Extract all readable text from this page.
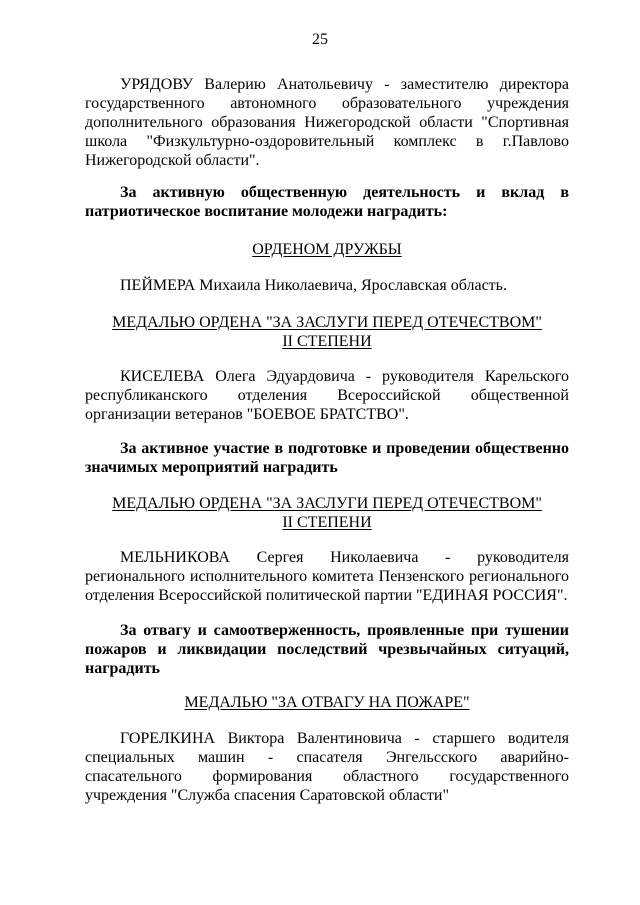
25
УРЯДОВУ Валерию Анатольевичу - заместителю директора государственного автономного образовательного учреждения дополнительного образования Нижегородской области "Спортивная школа "Физкультурно-оздоровительный комплекс в г.Павлово Нижегородской области".
За активную общественную деятельность и вклад в патриотическое воспитание молодежи наградить:
ОРДЕНОМ ДРУЖБЫ
ПЕЙМЕРА Михаила Николаевича, Ярославская область.
МЕДАЛЬЮ ОРДЕНА "ЗА ЗАСЛУГИ ПЕРЕД ОТЕЧЕСТВОМ"
II СТЕПЕНИ
КИСЕЛЕВА Олега Эдуардовича - руководителя Карельского республиканского отделения Всероссийской общественной организации ветеранов "БОЕВОЕ БРАТСТВО".
За активное участие в подготовке и проведении общественно значимых мероприятий наградить
МЕДАЛЬЮ ОРДЕНА "ЗА ЗАСЛУГИ ПЕРЕД ОТЕЧЕСТВОМ"
II СТЕПЕНИ
МЕЛЬНИКОВА Сергея Николаевича - руководителя регионального исполнительного комитета Пензенского регионального отделения Всероссийской политической партии "ЕДИНАЯ РОССИЯ".
За отвагу и самоотверженность, проявленные при тушении пожаров и ликвидации последствий чрезвычайных ситуаций, наградить
МЕДАЛЬЮ "ЗА ОТВАГУ НА ПОЖАРЕ"
ГОРЕЛКИНА Виктора Валентиновича - старшего водителя специальных машин - спасателя Энгельсского аварийно-спасательного формирования областного государственного учреждения "Служба спасения Саратовской области"
